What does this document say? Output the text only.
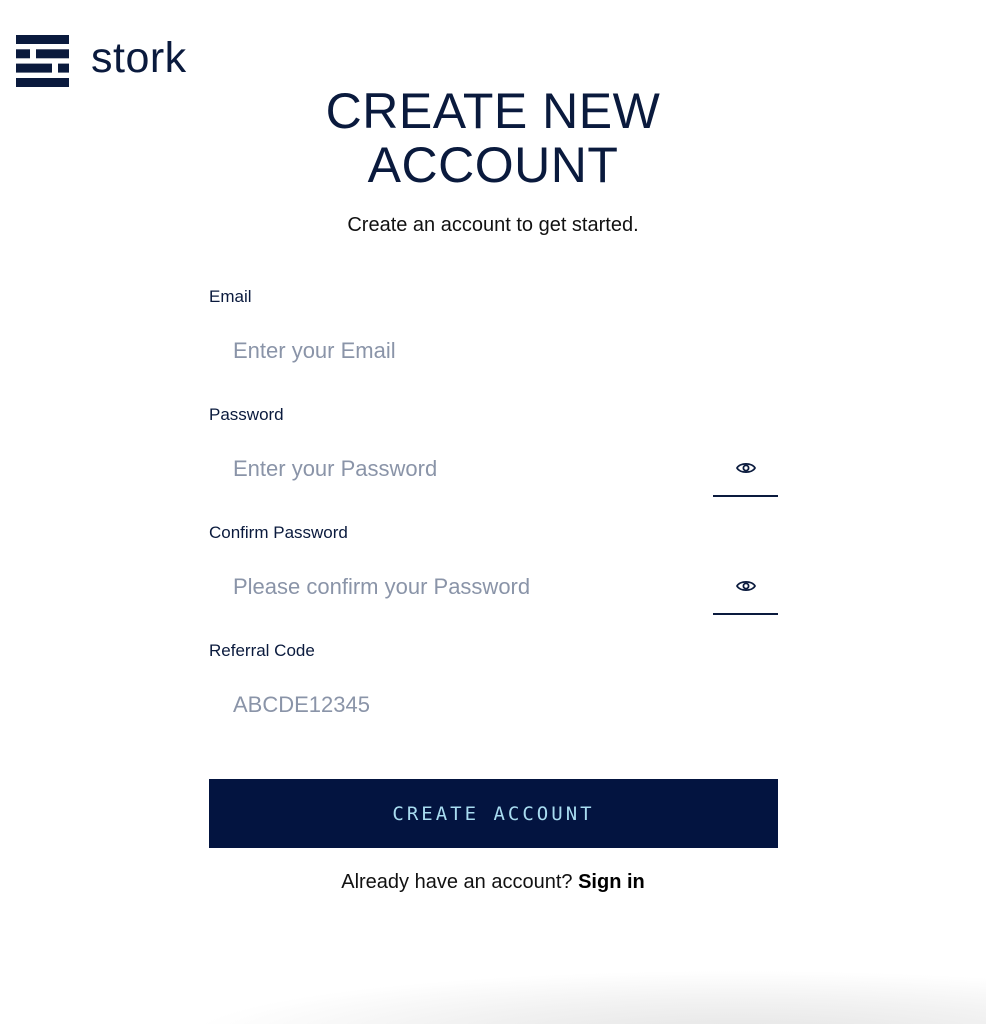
stork
CREATE NEW
ACCOUNT
Create an account to get started.
Email
Enter your Email
Password
Confirm Password
Referral Code
ABCDE12345
CREATE ACCOUNT
Already have an account? Sign in
